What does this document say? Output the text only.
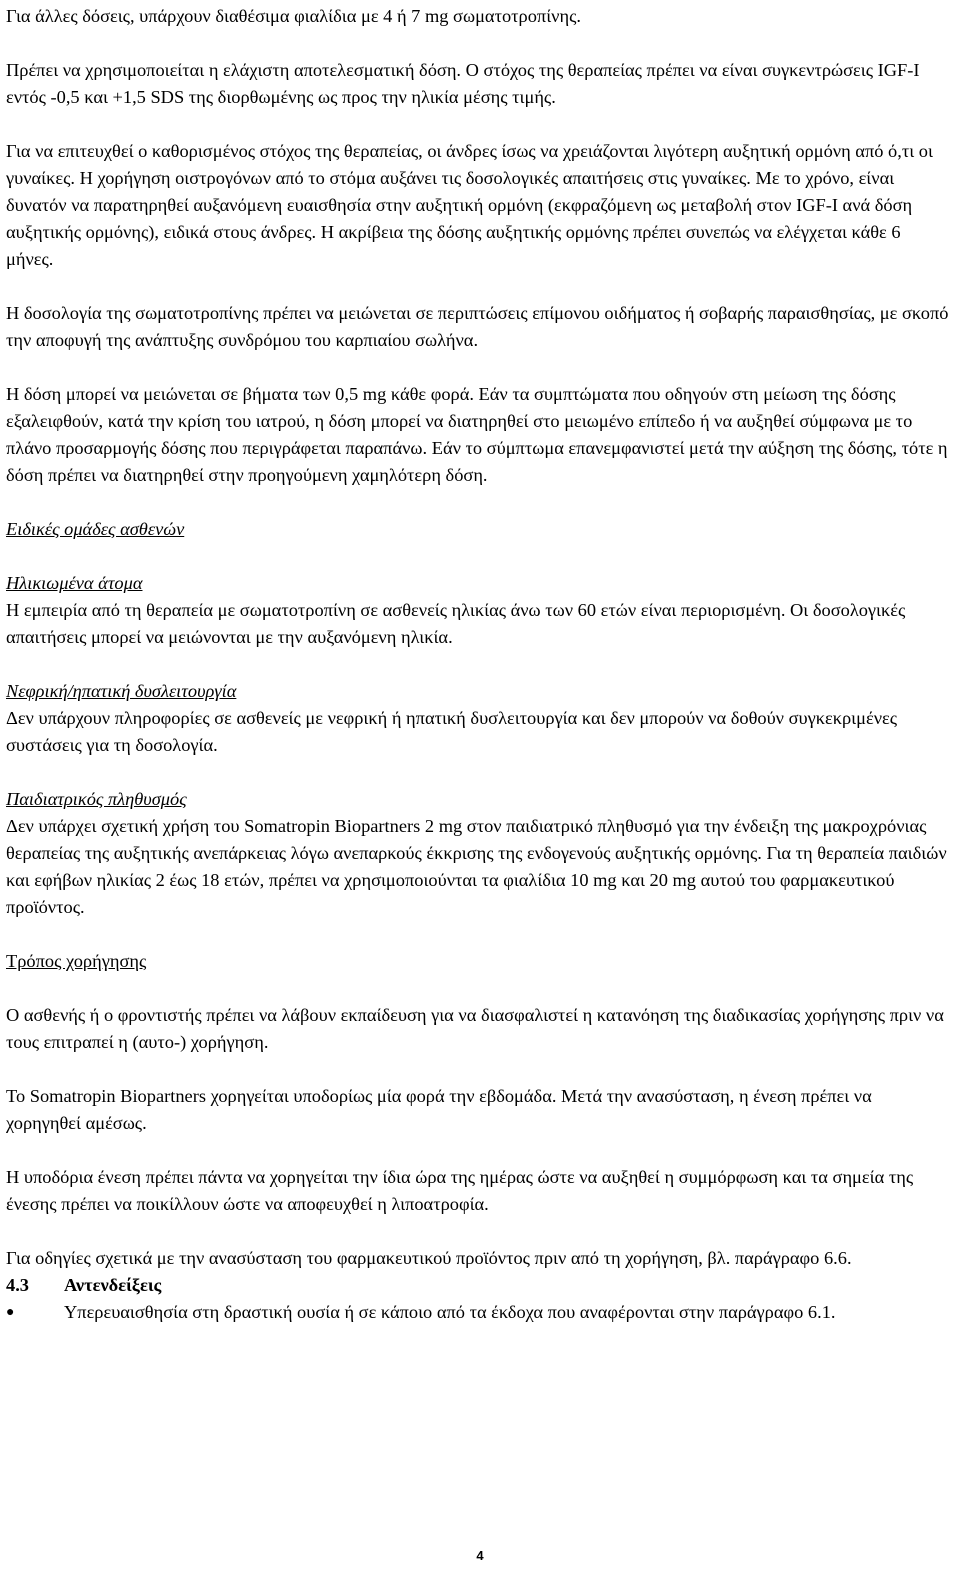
Για άλλες δόσεις, υπάρχουν διαθέσιμα φιαλίδια με 4 ή 7 mg σωματοτροπίνης.

Πρέπει να χρησιμοποιείται η ελάχιστη αποτελεσματική δόση. Ο στόχος της θεραπείας πρέπει να είναι συγκεντρώσεις IGF-I εντός -0,5 και +1,5 SDS της διορθωμένης ως προς την ηλικία μέσης τιμής.

Για να επιτευχθεί ο καθορισμένος στόχος της θεραπείας, οι άνδρες ίσως να χρειάζονται λιγότερη αυξητική ορμόνη από ό,τι οι γυναίκες. Η χορήγηση οιστρογόνων από το στόμα αυξάνει τις δοσολογικές απαιτήσεις στις γυναίκες. Με το χρόνο, είναι δυνατόν να παρατηρηθεί αυξανόμενη ευαισθησία στην αυξητική ορμόνη (εκφραζόμενη ως μεταβολή στον IGF-I ανά δόση αυξητικής ορμόνης), ειδικά στους άνδρες. Η ακρίβεια της δόσης αυξητικής ορμόνης πρέπει συνεπώς να ελέγχεται κάθε 6 μήνες.

Η δοσολογία της σωματοτροπίνης πρέπει να μειώνεται σε περιπτώσεις επίμονου οιδήματος ή σοβαρής παραισθησίας, με σκοπό την αποφυγή της ανάπτυξης συνδρόμου του καρπιαίου σωλήνα.

Η δόση μπορεί να μειώνεται σε βήματα των 0,5 mg κάθε φορά. Εάν τα συμπτώματα που οδηγούν στη μείωση της δόσης εξαλειφθούν, κατά την κρίση του ιατρού, η δόση μπορεί να διατηρηθεί στο μειωμένο επίπεδο ή να αυξηθεί σύμφωνα με το πλάνο προσαρμογής δόσης που περιγράφεται παραπάνω. Εάν το σύμπτωμα επανεμφανιστεί μετά την αύξηση της δόσης, τότε η δόση πρέπει να διατηρηθεί στην προηγούμενη χαμηλότερη δόση.

Ειδικές ομάδες ασθενών

Ηλικιωμένα άτομα

Η εμπειρία από τη θεραπεία με σωματοτροπίνη σε ασθενείς ηλικίας άνω των 60 ετών είναι περιορισμένη. Οι δοσολογικές απαιτήσεις μπορεί να μειώνονται με την αυξανόμενη ηλικία.

Νεφρική/ηπατική δυσλειτουργία

Δεν υπάρχουν πληροφορίες σε ασθενείς με νεφρική ή ηπατική δυσλειτουργία και δεν μπορούν να δοθούν συγκεκριμένες συστάσεις για τη δοσολογία.

Παιδιατρικός πληθυσμός

Δεν υπάρχει σχετική χρήση του Somatropin Biopartners 2 mg στον παιδιατρικό πληθυσμό για την ένδειξη της μακροχρόνιας θεραπείας της αυξητικής ανεπάρκειας λόγω ανεπαρκούς έκκρισης της ενδογενούς αυξητικής ορμόνης. Για τη θεραπεία παιδιών και εφήβων ηλικίας 2 έως 18 ετών, πρέπει να χρησιμοποιούνται τα φιαλίδια 10 mg και 20 mg αυτού του φαρμακευτικού προϊόντος.

Τρόπος χορήγησης

Ο ασθενής ή ο φροντιστής πρέπει να λάβουν εκπαίδευση για να διασφαλιστεί η κατανόηση της διαδικασίας χορήγησης πριν να τους επιτραπεί η (αυτο-) χορήγηση.

Το Somatropin Biopartners χορηγείται υποδορίως μία φορά την εβδομάδα. Μετά την ανασύσταση, η ένεση πρέπει να χορηγηθεί αμέσως.

Η υποδόρια ένεση πρέπει πάντα να χορηγείται την ίδια ώρα της ημέρας ώστε να αυξηθεί η συμμόρφωση και τα σημεία της ένεσης πρέπει να ποικίλλουν ώστε να αποφευχθεί η λιποατροφία.

Για οδηγίες σχετικά με την ανασύσταση του φαρμακευτικού προϊόντος πριν από τη χορήγηση, βλ. παράγραφο 6.6.

4.3 Αντενδείξεις

●	Υπερευαισθησία στη δραστική ουσία ή σε κάποιο από τα έκδοχα που αναφέρονται στην παράγραφο 6.1.

4
